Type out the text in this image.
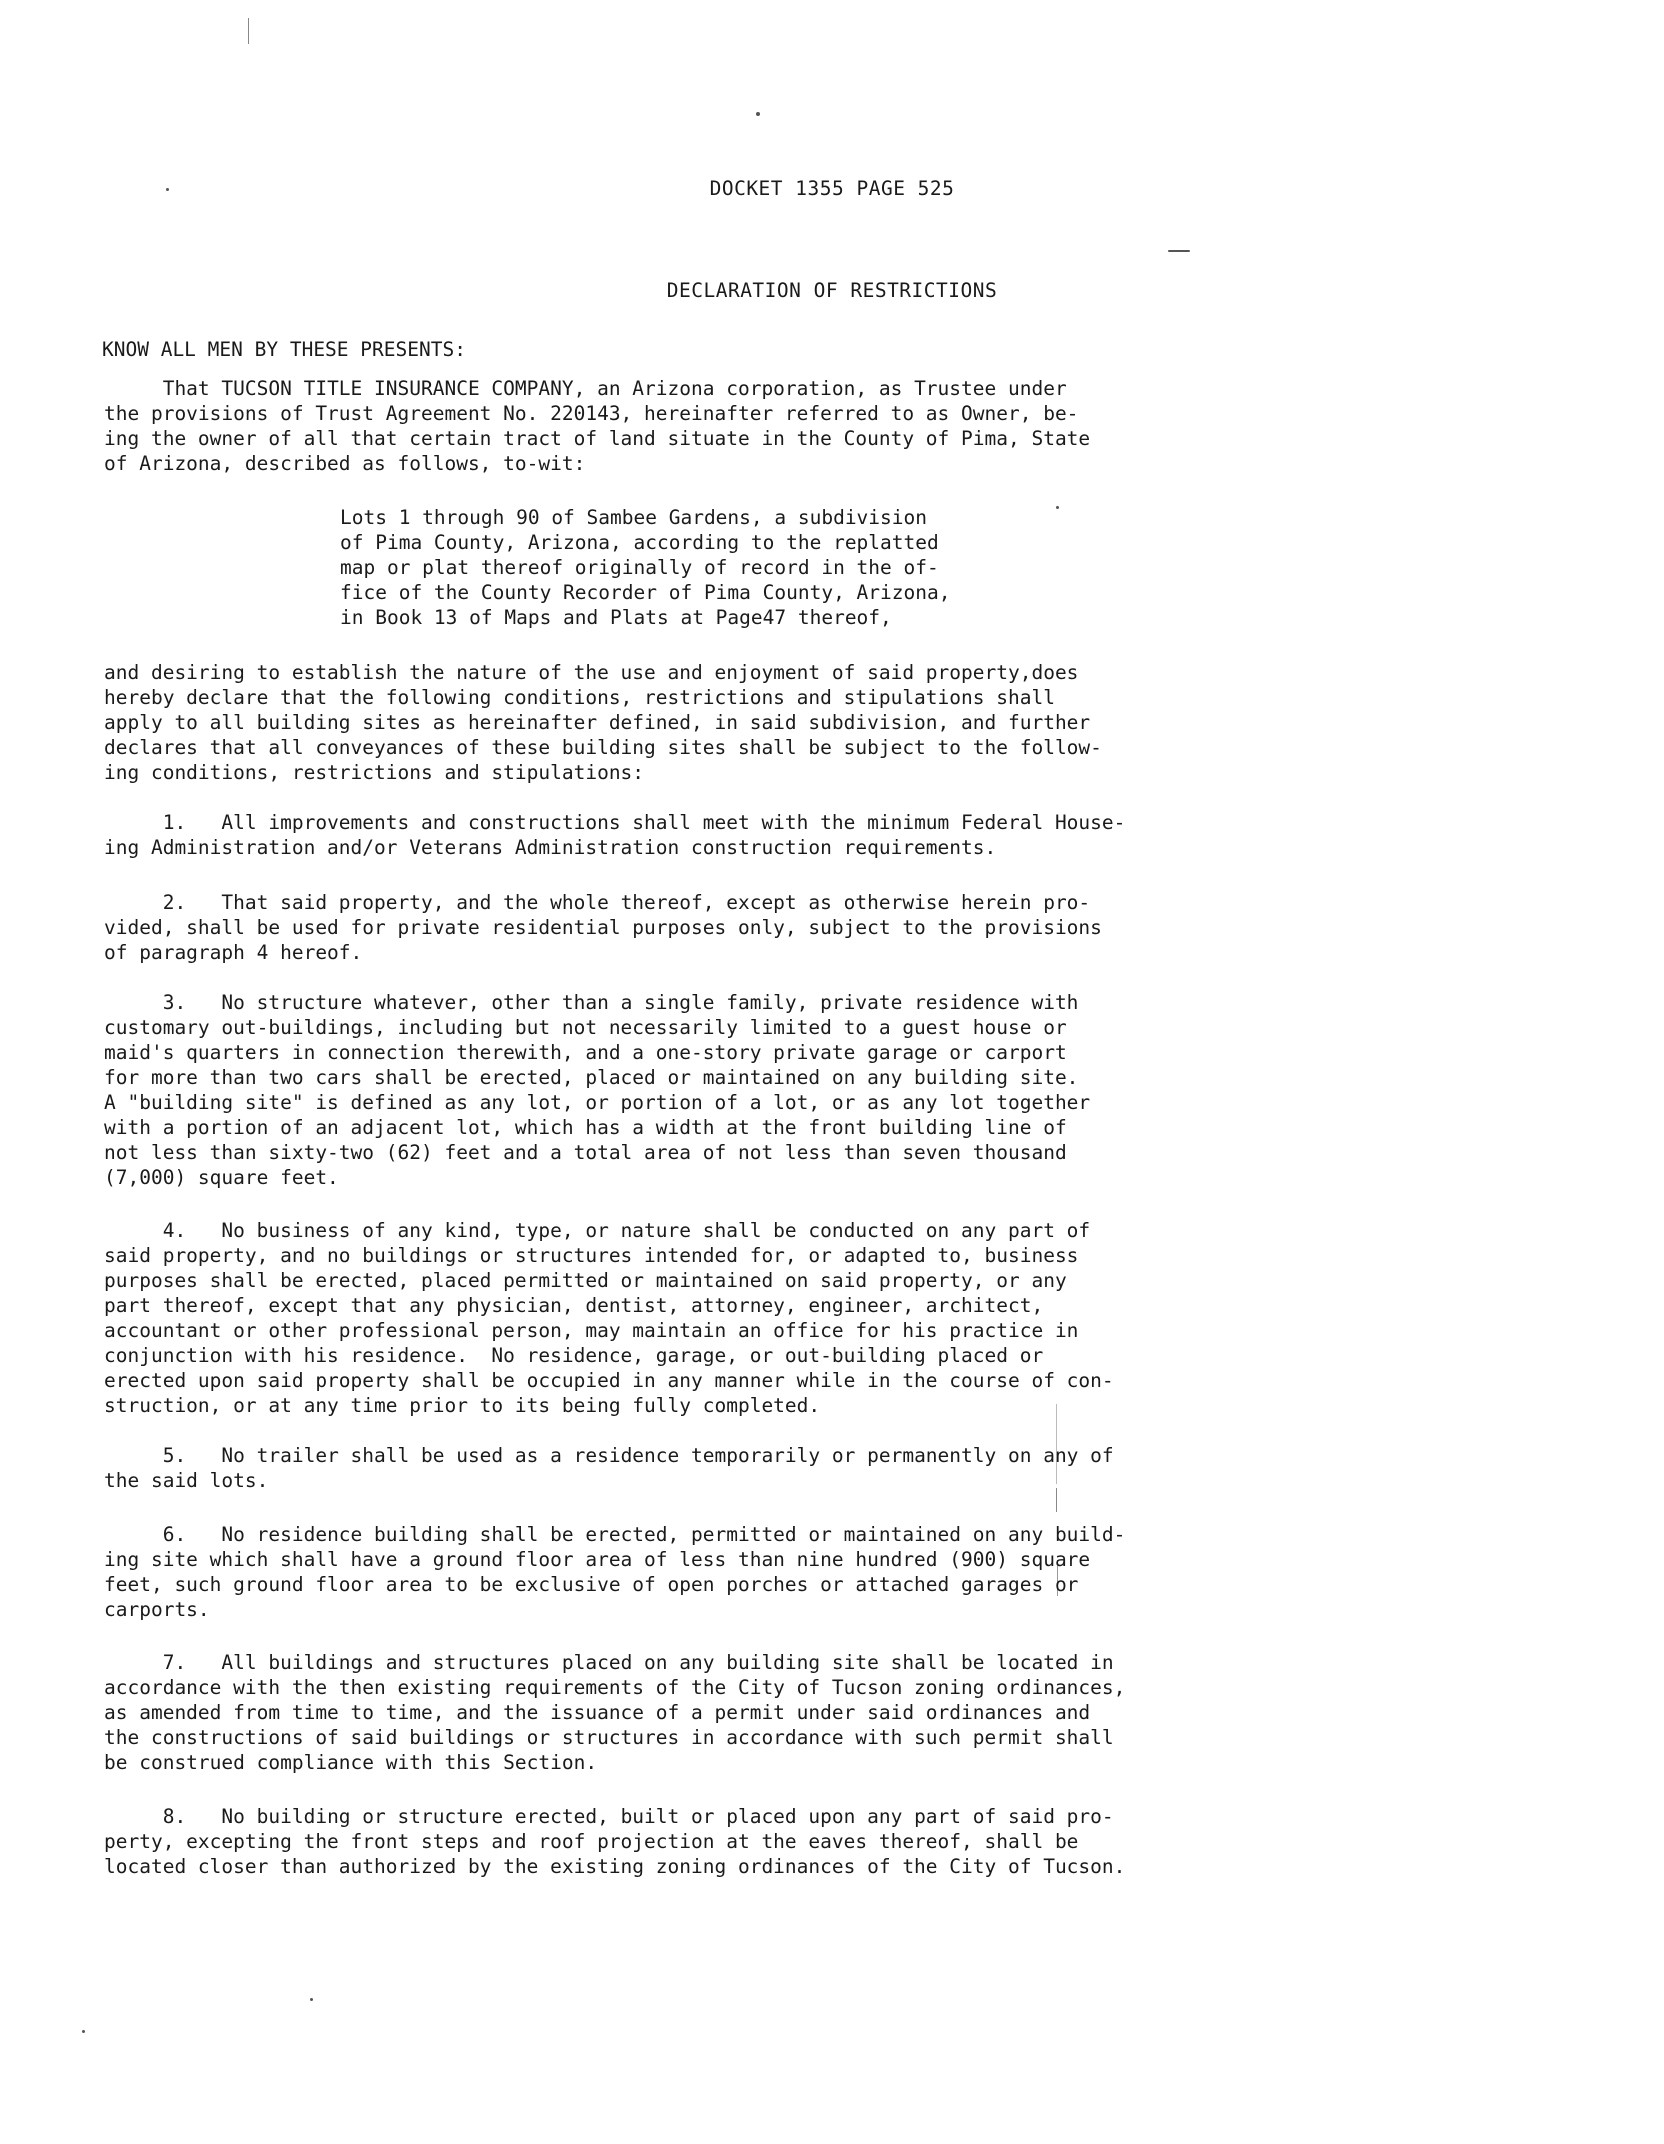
DOCKET 1355 PAGE 525
DECLARATION OF RESTRICTIONS
KNOW ALL MEN BY THESE PRESENTS:

That TUCSON TITLE INSURANCE COMPANY, an Arizona corporation, as Trustee under
the provisions of Trust Agreement No. 220143, hereinafter referred to as Owner, be-
ing the owner of all that certain tract of land situate in the County of Pima, State
of Arizona, described as follows, to-wit:

Lots 1 through 90 of Sambee Gardens, a subdivision
of Pima County, Arizona, according to the replatted
map or plat thereof originally of record in the of-
fice of the County Recorder of Pima County, Arizona,
in Book 13 of Maps and Plats at Page47 thereof,

and desiring to establish the nature of the use and enjoyment of said property,does
hereby declare that the following conditions, restrictions and stipulations shall
apply to all building sites as hereinafter defined, in said subdivision, and further
declares that all conveyances of these building sites shall be subject to the follow-
ing conditions, restrictions and stipulations:

1.   All improvements and constructions shall meet with the minimum Federal House-
ing Administration and/or Veterans Administration construction requirements.

2.   That said property, and the whole thereof, except as otherwise herein pro-
vided, shall be used for private residential purposes only, subject to the provisions
of paragraph 4 hereof.

3.   No structure whatever, other than a single family, private residence with
customary out-buildings, including but not necessarily limited to a guest house or
maid's quarters in connection therewith, and a one-story private garage or carport
for more than two cars shall be erected, placed or maintained on any building site.
A "building site" is defined as any lot, or portion of a lot, or as any lot together
with a portion of an adjacent lot, which has a width at the front building line of
not less than sixty-two (62) feet and a total area of not less than seven thousand
(7,000) square feet.

4.   No business of any kind, type, or nature shall be conducted on any part of
said property, and no buildings or structures intended for, or adapted to, business
purposes shall be erected, placed permitted or maintained on said property, or any
part thereof, except that any physician, dentist, attorney, engineer, architect,
accountant or other professional person, may maintain an office for his practice in
conjunction with his residence.  No residence, garage, or out-building placed or
erected upon said property shall be occupied in any manner while in the course of con-
struction, or at any time prior to its being fully completed.

5.   No trailer shall be used as a residence temporarily or permanently on any of
the said lots.

6.   No residence building shall be erected, permitted or maintained on any build-
ing site which shall have a ground floor area of less than nine hundred (900) square
feet, such ground floor area to be exclusive of open porches or attached garages or
carports.

7.   All buildings and structures placed on any building site shall be located in
accordance with the then existing requirements of the City of Tucson zoning ordinances,
as amended from time to time, and the issuance of a permit under said ordinances and
the constructions of said buildings or structures in accordance with such permit shall
be construed compliance with this Section.

8.   No building or structure erected, built or placed upon any part of said pro-
perty, excepting the front steps and roof projection at the eaves thereof, shall be
located closer than authorized by the existing zoning ordinances of the City of Tucson.
